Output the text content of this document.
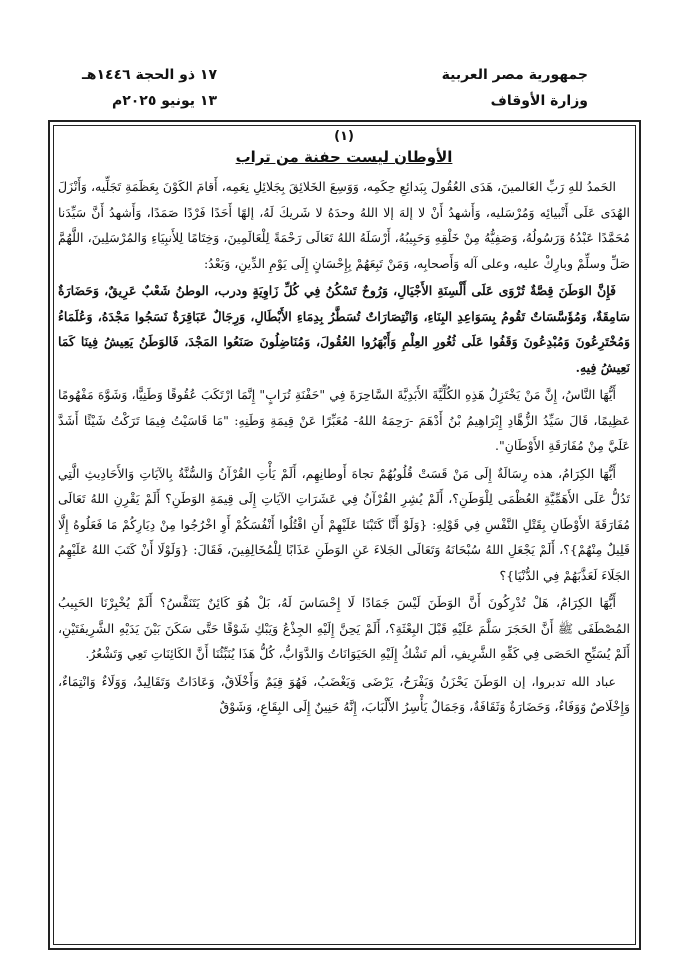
جمهورية مصر العربية
وزارة الأوقاف
١٧ ذو الحجة ١٤٤٦هـ
١٣ يونيو ٢٠٢٥م

(١)

الأوطان ليست حفنة من تراب

الحَمدُ للهِ رَبِّ العَالمينَ، هَدَى العُقُولَ بِبَدائِعِ حِكَمِه، وَوَسِعَ الخَلائِقَ بِجَلائِلِ نِعَمِه، أَقامَ الكَوْنَ بِعَظَمَةِ تَجَلِّيه، وَأَنْزَلَ الهُدَى عَلَى أَنْبيائِه وَمُرْسَليه، وَأَشهدُ أَنْ لا إلهَ إلا اللهُ وحدَهُ لا شَريكَ لَهُ، إلهًا أَحَدًا فَرْدًا صَمَدًا، وَأَشهدُ أَنَّ سَيِّدَنا مُحَمَّدًا عَبْدُهُ وَرَسُولُهُ، وَصَفِيُّهُ مِنْ خَلْقِهِ وَحَبِيبُهُ، أَرْسَلَهُ اللهُ تَعَالَى رَحْمَةً لِلْعَالَمِينَ، وَخِتَامًا لِلأَنبِيَاءِ وَالمُرْسَلِينَ، اللَّهُمَّ صَلِّ وسلِّمْ وبارِكْ عليه، وعلى آله وَأَصحابِه، وَمَنْ تَبِعَهُمْ بِإِحْسَانٍ إِلَى يَوْمِ الدِّينِ، وَبَعْدُ:

فَإِنَّ الوَطَنَ قِصَّةٌ تُرْوَى عَلَى أَلْسِنَةِ الأَجْيَالِ، وَرُوحٌ تَسْكُنُ فِي كُلِّ زَاوِيَةٍ ودرب، الوطنُ شَعْبٌ عَرِيقٌ، وَحَضَارَةٌ سَامِقَةٌ، وَمُؤَسَّسَاتٌ تَقُومُ بِسَوَاعِدِ البِنَاءِ، وَانْتِصَارَاتٌ تُسَطَّرُ بِدِمَاءِ الأَبْطَالِ، وَرِجَالٌ عَبَاقِرَةٌ نَسَجُوا مَجْدَهُ، وَعُلَمَاءُ وَمُخْتَرِعُونَ وَمُبْدِعُونَ وَقَفُوا عَلَى ثُغُورِ العِلْمِ وَأَبْهَرُوا العُقُولَ، وَمُنَاضِلُونَ صَنَعُوا المَجْدَ، فَالوَطَنُ يَعِيشُ فِينَا كَمَا نَعِيشُ فِيهِ.

أَيُّهَا النَّاسُ، إِنَّ مَنْ يَخْتَزِلُ هَذِهِ الكُلِّيَّةَ الأَبَدِيَّةَ السَّاحِرَةَ فِي "حَفْنَةِ تُرَابٍ" إِنَّمَا ارْتَكَبَ عُقُوقًا وَطَنِيًّا، وَشَوَّهَ مَفْهُومًا عَظِيمًا، قَالَ سَيِّدُ الزُّهَّادِ إِبْرَاهِيمُ بْنُ أَدْهَمَ -رَحِمَهُ اللهُ- مُعَبِّرًا عَنْ قِيمَةِ وَطَنِهِ: "مَا قَاسَيْتُ فِيمَا تَرَكْتُ شَيْئًا أَشَدَّ عَلَيَّ مِنْ مُفَارَقَةِ الأَوْطَانِ".

أَيُّهَا الكِرَامُ، هذه رِسَالَةٌ إِلَى مَنْ قَسَتْ قُلُوبُهُمْ تجاهَ أَوطانِهِم، أَلَمْ يَأْتِ القُرْآنُ وَالسُّنَّةُ بِالآيَاتِ وَالأَحَادِيثِ الَّتِي تَدُلُّ عَلَى الأَهَمِّيَّةِ العُظْمَى لِلْوَطَنِ؟، أَلَمْ يُشِرِ القُرْآنُ فِي عَشَرَاتِ الآيَاتِ إِلَى قِيمَةِ الوَطَنِ؟ أَلَمْ يَقْرِنِ اللهُ تَعَالَى مُفَارَقَةَ الأَوْطَانِ بِقَتْلِ النَّفْسِ فِي قَوْلِهِ: {وَلَوْ أَنَّا كَتَبْنَا عَلَيْهِمْ أَنِ اقْتُلُوا أَنْفُسَكُمْ أَوِ اخْرُجُوا مِنْ دِيَارِكُمْ مَا فَعَلُوهُ إِلَّا قَلِيلٌ مِنْهُمْ}؟، أَلَمْ يَجْعَلِ اللهُ سُبْحَانَهُ وَتَعَالَى الجَلاءَ عَنِ الوَطَنِ عَذَابًا لِلْمُخَالِفِينَ، فَقَالَ: {وَلَوْلَا أَنْ كَتَبَ اللهُ عَلَيْهِمُ الجَلَاءَ لَعَذَّبَهُمْ فِي الدُّنْيَا}؟

أَيُّهَا الكِرَامُ، هَلْ تُدْرِكُونَ أَنَّ الوَطَنَ لَيْسَ جَمَادًا لَا إِحْسَاسَ لَهُ، بَلْ هُوَ كَائِنٌ يَتَنَفَّسُ؟ أَلَمْ يُخْبِرْنَا الحَبِيبُ المُصْطَفَى ﷺ أَنَّ الحَجَرَ سَلَّمَ عَلَيْهِ قَبْلَ البِعْثَةِ؟، أَلَمْ يَحِنَّ إِلَيْهِ الجِذْعُ وَيَبْكِ شَوْقًا حَتَّى سَكَنَ بَيْنَ يَدَيْهِ الشَّرِيفَتَيْنِ، أَلَمْ يُسَبِّحِ الحَصَى فِي كَفِّهِ الشَّرِيفِ، ألم تَشْكُ إِلَيْهِ الحَيَوَانَاتُ وَالدَّوَابُّ، كُلُّ هَذَا يُنَبِّئُنَا أَنَّ الكَائِنَاتِ تَعِي وَتَشْعُرُ.

عباد الله تدبروا، إن الوَطَنَ يَحْزَنُ وَيَفْرَحُ، يَرْضَى وَيَغْضَبُ، فَهُوَ قِيَمٌ وَأَخْلَاقٌ، وَعَادَاتٌ وَتَقَالِيدُ، وَوَلَاءٌ وَانْتِمَاءٌ، وَإِخْلَاصٌ وَوَفَاءٌ، وَحَضَارَةٌ وَثَقَافَةٌ، وَجَمَالٌ يَأْسِرُ الأَلْبَابَ، إِنَّهُ حَنِينٌ إِلَى البِقَاعِ، وَشَوْقٌ
